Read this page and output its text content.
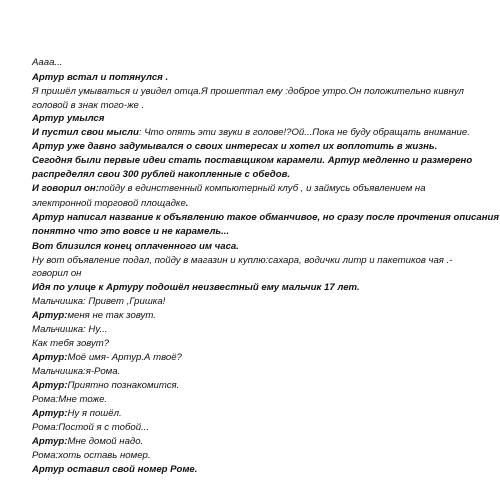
Аааа...
Артур встал и потянулся .
Я пришёл умываться и увидел отца.Я прошептал ему :доброе утро.Он положительно кивнул
головой в знак того-же .
Артур умылся
И пустил свои мысли: Что опять эти звуки в голове!?Ой...Пока не буду обращать внимание.
Артур уже давно задумывался о своих интересах и хотел их воплотить в жизнь.
Сегодня были первые идеи стать поставщиком карамели. Артур медленно и размерено
распределял свои 300 рублей накопленные с обедов.
И говорил он:пойду в единственный компьютерный клуб , и займусь объявлением на
электронной торговой площадке.
Артур написал название к объявлению такое обманчивое, но сразу после прочтения описания
понятно что это вовсе и не карамель...
Вот близился конец оплаченного им часа.
Ну вот объявление подал, пойду в магазин и куплю:сахара, водички литр и пакетиков чая .-
говорил он
Идя по улице к Артуру подошёл неизвестный ему мальчик 17 лет.
Мальчишка: Привет ,Гришка!
Артур:меня не так зовут.
Мальчишка: Ну...
Как тебя зовут?
Артур:Моё имя- Артур.А твоё?
Мальчишка:я-Рома.
Артур:Приятно познакомится.
Рома:Мне тоже.
Артур:Ну я пошёл.
Рома:Постой я с тобой...
Артур:Мне домой надо.
Рома:хоть оставь номер.
Артур оставил свой номер Роме.
